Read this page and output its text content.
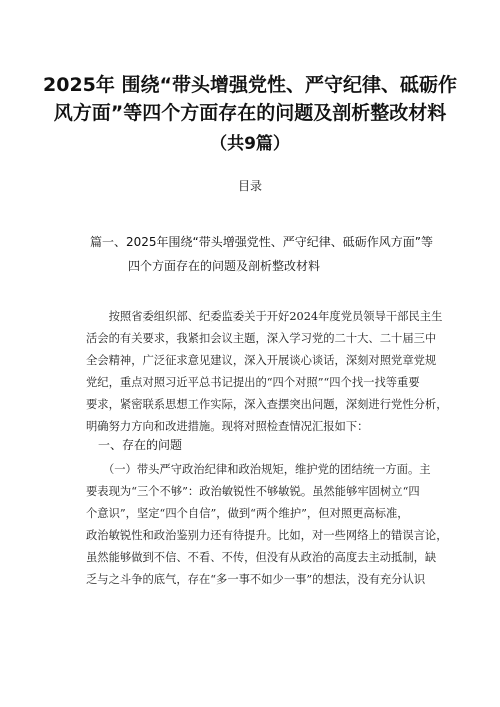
2025年 围绕“带头增强党性、严守纪律、砥砺作
风方面”等四个方面存在的问题及剖析整改材料
（共9篇）
目录
篇一、2025年围绕“带头增强党性、严守纪律、砥砺作风方面”等
四个方面存在的问题及剖析整改材料
　　按照省委组织部、纪委监委关于开好2024年度党员领导干部民主生
活会的有关要求，我紧扣会议主题，深入学习党的二十大、二十届三中
全会精神，广泛征求意见建议，深入开展谈心谈话，深刻对照党章党规
党纪，重点对照习近平总书记提出的“四个对照”“四个找一找等重要
要求，紧密联系思想工作实际，深入查摆突出问题，深刻进行党性分析，
明确努力方向和改进措施。现将对照检查情况汇报如下：
一、存在的问题
　　（一）带头严守政治纪律和政治规矩，维护党的团结统一方面。主
要表现为“三个不够”：政治敏锐性不够敏锐。虽然能够牢固树立“四
个意识”，坚定“四个自信”，做到“两个维护”，但对照更高标准，
政治敏锐性和政治鉴别力还有待提升。比如，对一些网络上的错误言论，
虽然能够做到不信、不看、不传，但没有从政治的高度去主动抵制，缺
乏与之斗争的底气，存在“多一事不如少一事”的想法，没有充分认识
